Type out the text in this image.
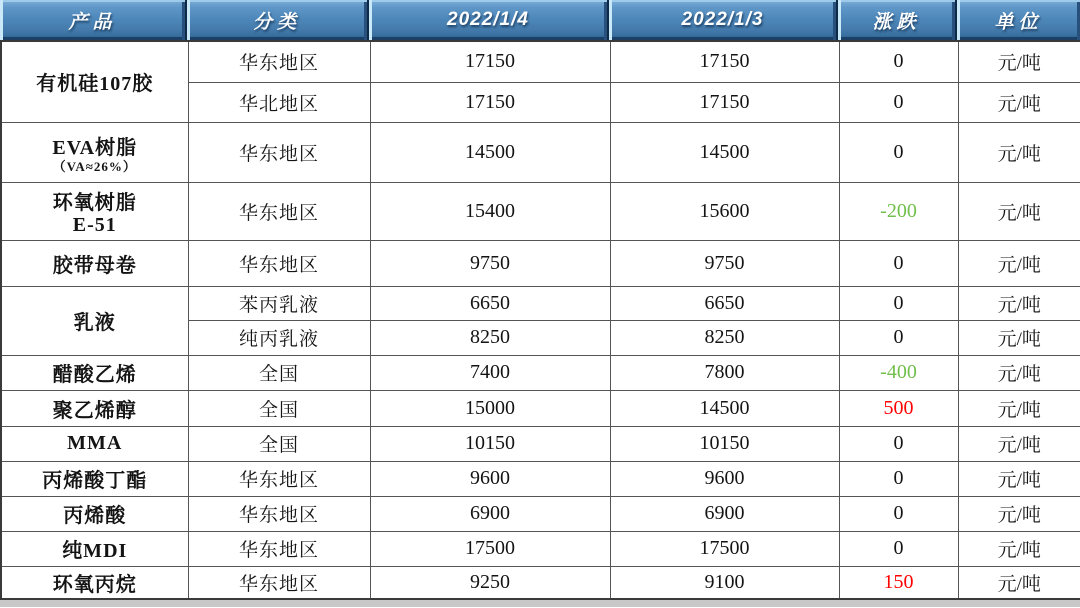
产品	分类	2022/1/4	2022/1/3	涨跌	单位
有机硅107胶	华东地区	17150	17150	0	元/吨
	华北地区	17150	17150	0	元/吨

EVA树脂
（VA≈26%）	华东地区	14500	14500	0	元/吨

环氧树脂
E-51	华东地区	15400	15600	-200	元/吨

胶带母卷	华东地区	9750	9750	0	元/吨

乳液	苯丙乳液	6650	6650	0	元/吨
	纯丙乳液	8250	8250	0	元/吨

醋酸乙烯	全国	7400	7800	-400	元/吨

聚乙烯醇	全国	15000	14500	500	元/吨

MMA	全国	10150	10150	0	元/吨

丙烯酸丁酯	华东地区	9600	9600	0	元/吨

丙烯酸	华东地区	6900	6900	0	元/吨

纯MDI	华东地区	17500	17500	0	元/吨

环氧丙烷	华东地区	9250	9100	150	元/吨
